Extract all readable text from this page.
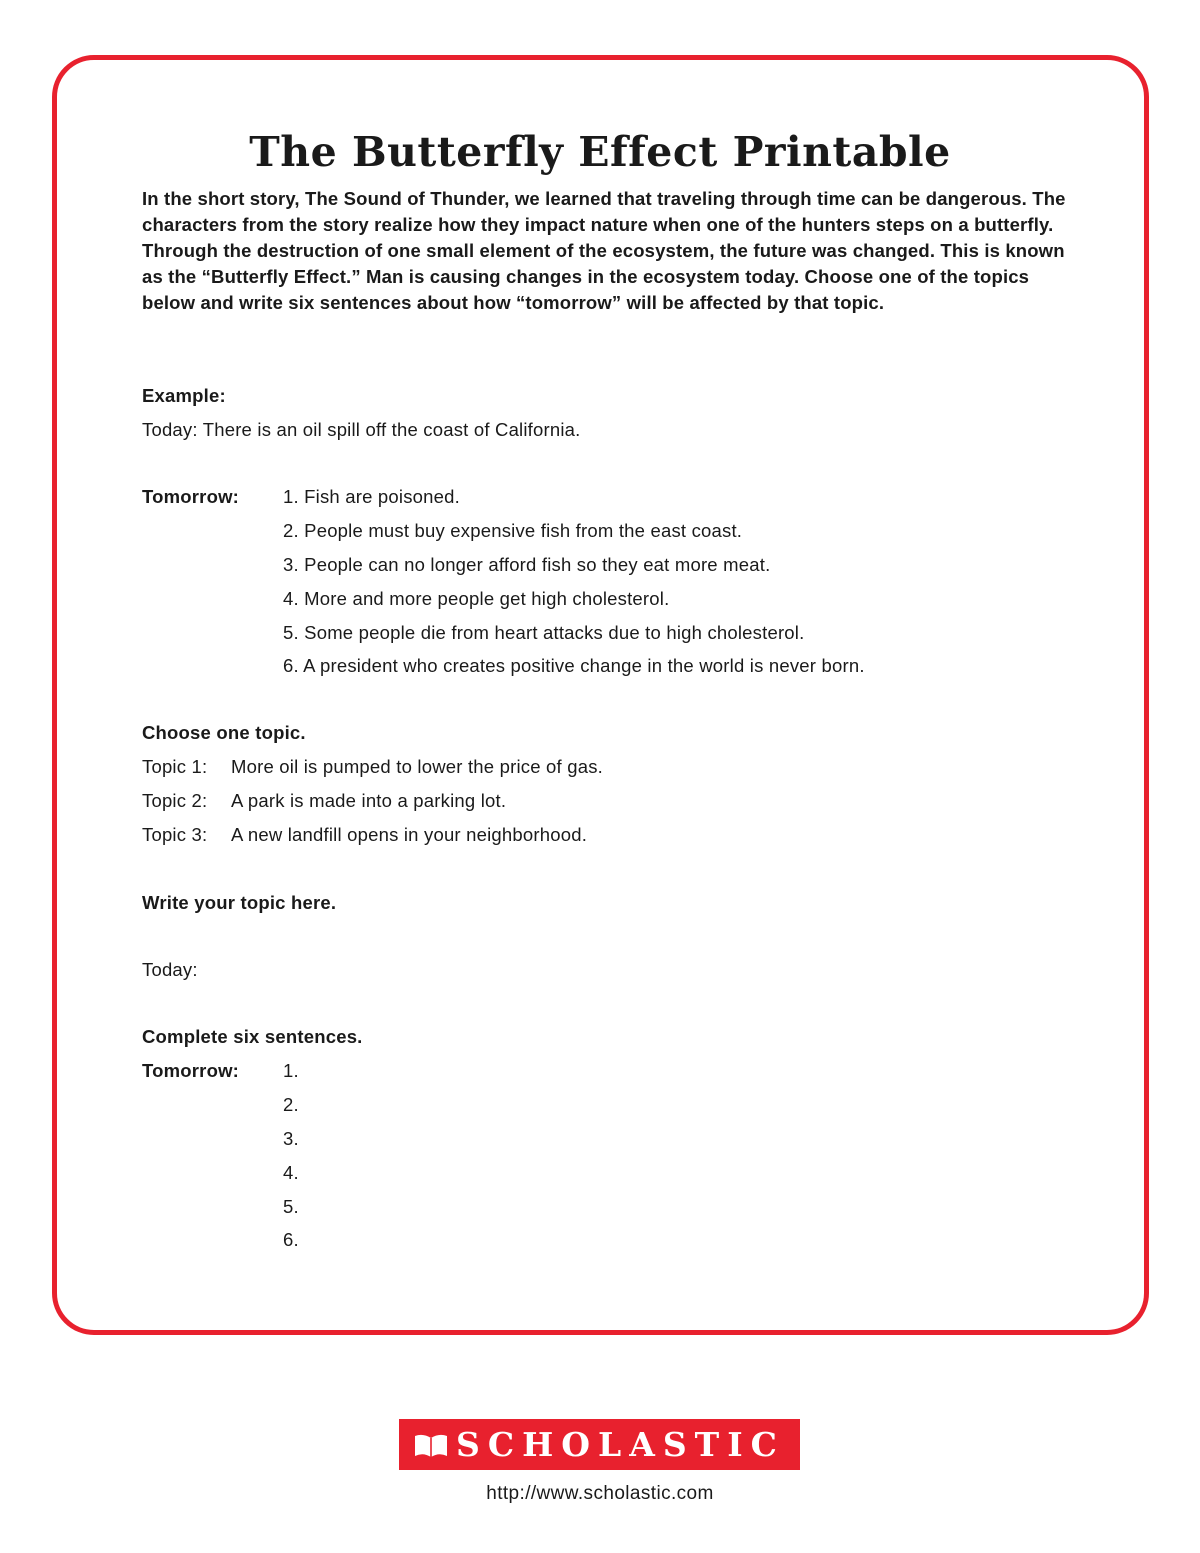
The Butterfly Effect Printable

In the short story, The Sound of Thunder, we learned that traveling through time can be dangerous. The characters from the story realize how they impact nature when one of the hunters steps on a butterfly. Through the destruction of one small element of the ecosystem, the future was changed. This is known as the “Butterfly Effect.” Man is causing changes in the ecosystem today. Choose one of the topics below and write six sentences about how “tomorrow” will be affected by that topic.

Example:
Today: There is an oil spill off the coast of California.
Tomorrow: 1. Fish are poisoned.
2. People must buy expensive fish from the east coast.
3. People can no longer afford fish so they eat more meat.
4. More and more people get high cholesterol.
5. Some people die from heart attacks due to high cholesterol.
6. A president who creates positive change in the world is never born.
Choose one topic.
Topic 1: More oil is pumped to lower the price of gas.
Topic 2: A park is made into a parking lot.
Topic 3: A new landfill opens in your neighborhood.
Write your topic here.
Today:
Complete six sentences.
Tomorrow: 1.
2.
3.
4.
5.
6.
SCHOLASTIC
http://www.scholastic.com
